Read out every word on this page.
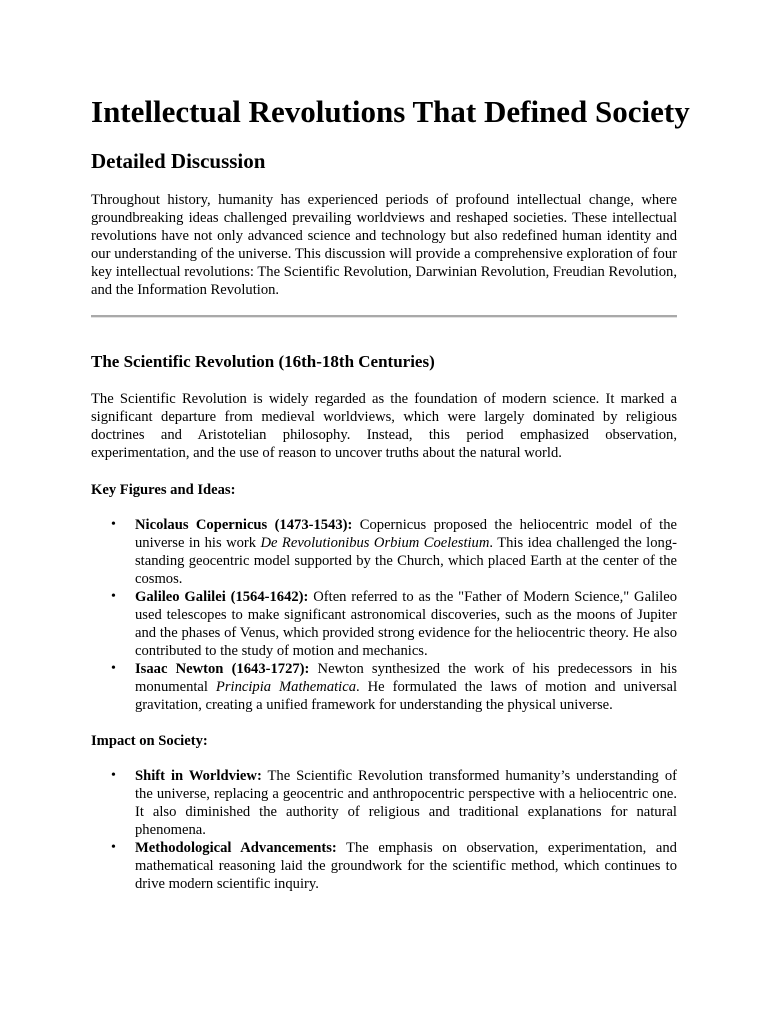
Intellectual Revolutions That Defined Society
Detailed Discussion

Throughout history, humanity has experienced periods of profound intellectual change, where groundbreaking ideas challenged prevailing worldviews and reshaped societies. These intellectual revolutions have not only advanced science and technology but also redefined human identity and our understanding of the universe. This discussion will provide a comprehensive exploration of four key intellectual revolutions: The Scientific Revolution, Darwinian Revolution, Freudian Revolution, and the Information Revolution.

The Scientific Revolution (16th-18th Centuries)

The Scientific Revolution is widely regarded as the foundation of modern science. It marked a significant departure from medieval worldviews, which were largely dominated by religious doctrines and Aristotelian philosophy. Instead, this period emphasized observation, experimentation, and the use of reason to uncover truths about the natural world.

Key Figures and Ideas:

• Nicolaus Copernicus (1473-1543): Copernicus proposed the heliocentric model of the universe in his work De Revolutionibus Orbium Coelestium. This idea challenged the long-standing geocentric model supported by the Church, which placed Earth at the center of the cosmos.
• Galileo Galilei (1564-1642): Often referred to as the "Father of Modern Science," Galileo used telescopes to make significant astronomical discoveries, such as the moons of Jupiter and the phases of Venus, which provided strong evidence for the heliocentric theory. He also contributed to the study of motion and mechanics.
• Isaac Newton (1643-1727): Newton synthesized the work of his predecessors in his monumental Principia Mathematica. He formulated the laws of motion and universal gravitation, creating a unified framework for understanding the physical universe.

Impact on Society:

• Shift in Worldview: The Scientific Revolution transformed humanity’s understanding of the universe, replacing a geocentric and anthropocentric perspective with a heliocentric one. It also diminished the authority of religious and traditional explanations for natural phenomena.
• Methodological Advancements: The emphasis on observation, experimentation, and mathematical reasoning laid the groundwork for the scientific method, which continues to drive modern scientific inquiry.
